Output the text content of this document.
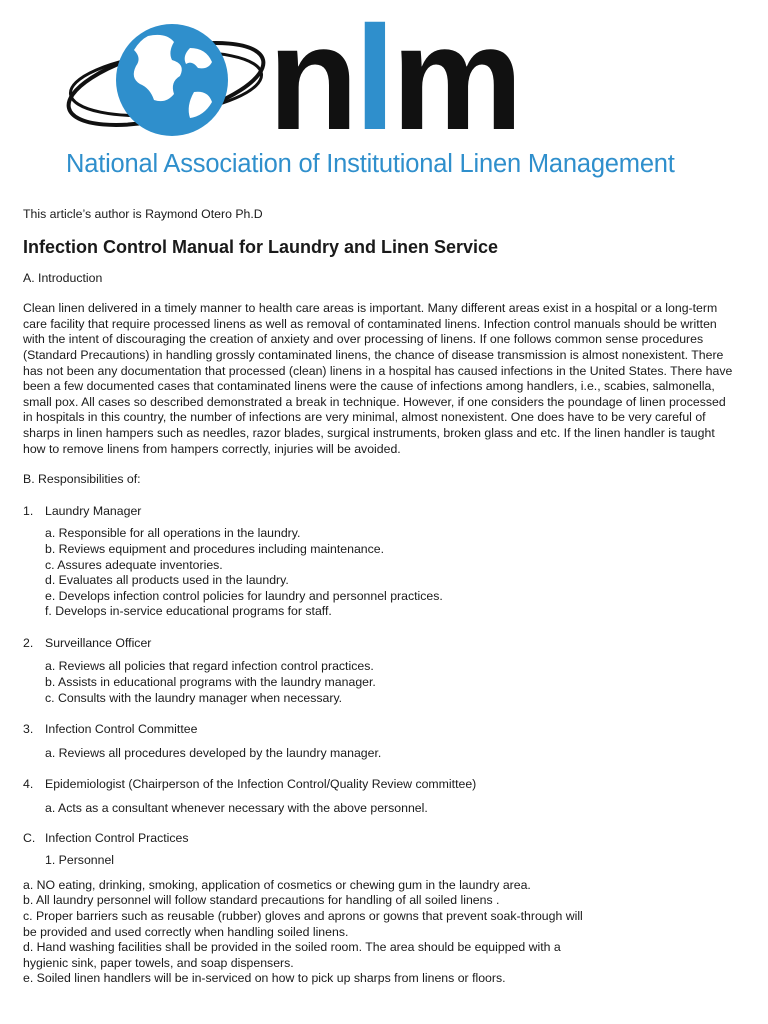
nlm
National Association of Institutional Linen Management

This article’s author is Raymond Otero Ph.D

Infection Control Manual for Laundry and Linen Service

A. Introduction

Clean linen delivered in a timely manner to health care areas is important. Many different areas exist in a hospital or a long-term care facility that require processed linens as well as removal of contaminated linens. Infection control manuals should be written with the intent of discouraging the creation of anxiety and over processing of linens. If one follows common sense procedures (Standard Precautions) in handling grossly contaminated linens, the chance of disease transmission is almost nonexistent. There has not been any documentation that processed (clean) linens in a hospital has caused infections in the United States. There have been a few documented cases that contaminated linens were the cause of infections among handlers, i.e., scabies, salmonella, small pox. All cases so described demonstrated a break in technique. However, if one considers the poundage of linen processed in hospitals in this country, the number of infections are very minimal, almost nonexistent. One does have to be very careful of sharps in linen hampers such as needles, razor blades, surgical instruments, broken glass and etc. If the linen handler is taught how to remove linens from hampers correctly, injuries will be avoided.

B. Responsibilities of:

1. Laundry Manager
a. Responsible for all operations in the laundry.
b. Reviews equipment and procedures including maintenance.
c. Assures adequate inventories.
d. Evaluates all products used in the laundry.
e. Develops infection control policies for laundry and personnel practices.
f. Develops in-service educational programs for staff.
2. Surveillance Officer
a. Reviews all policies that regard infection control practices.
b. Assists in educational programs with the laundry manager.
c. Consults with the laundry manager when necessary.
3. Infection Control Committee
a. Reviews all procedures developed by the laundry manager.
4. Epidemiologist (Chairperson of the Infection Control/Quality Review committee)
a. Acts as a consultant whenever necessary with the above personnel.
C. Infection Control Practices
1. Personnel
a. NO eating, drinking, smoking, application of cosmetics or chewing gum in the laundry area.
b. All laundry personnel will follow standard precautions for handling of all soiled linens .
c. Proper barriers such as reusable (rubber) gloves and aprons or gowns that prevent soak-through will
be provided and used correctly when handling soiled linens.
d. Hand washing facilities shall be provided in the soiled room. The area should be equipped with a
hygienic sink, paper towels, and soap dispensers.
e. Soiled linen handlers will be in-serviced on how to pick up sharps from linens or floors.
